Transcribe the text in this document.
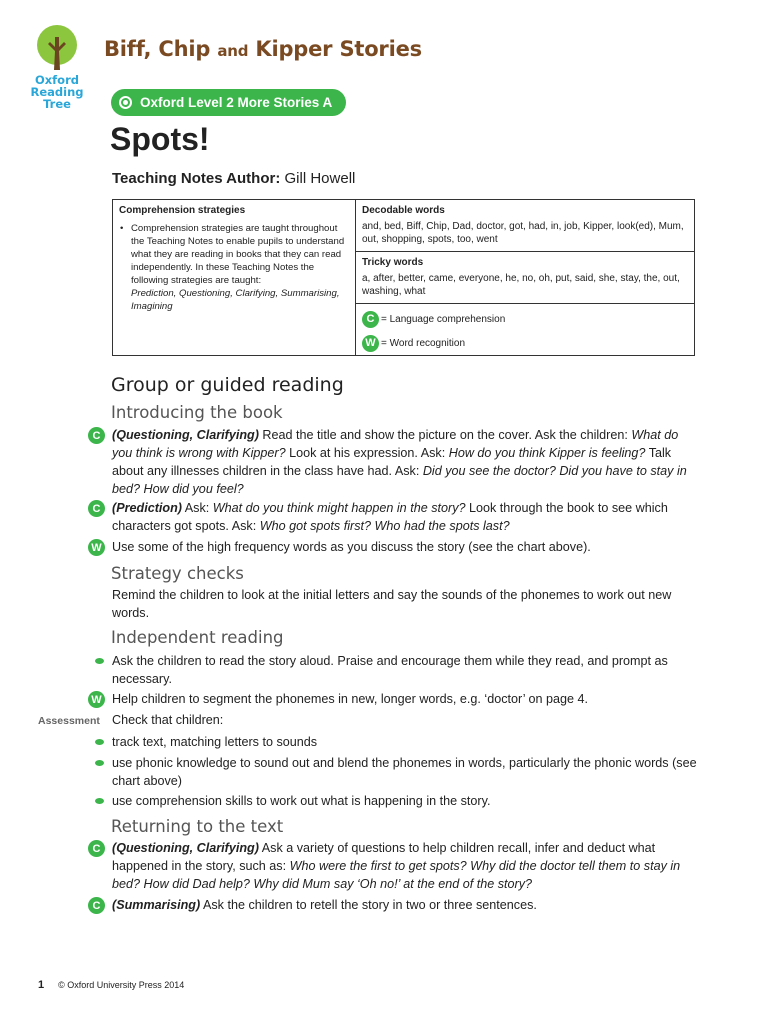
Oxford
Reading
Tree
Biff, Chip and Kipper Stories
Oxford Level 2 More Stories A
Spots!
Teaching Notes Author: Gill Howell
Comprehension strategies
• Comprehension strategies are taught throughout the Teaching Notes to enable pupils to understand what they are reading in books that they can read independently. In these Teaching Notes the following strategies are taught:
Prediction, Questioning, Clarifying, Summarising, Imagining
Decodable words
and, bed, Biff, Chip, Dad, doctor, got, had, in, job, Kipper, look(ed), Mum, out, shopping, spots, too, went
Tricky words
a, after, better, came, everyone, he, no, oh, put, said, she, stay, the, out, washing, what
C = Language comprehension
W = Word recognition
Group or guided reading
Introducing the book
C (Questioning, Clarifying) Read the title and show the picture on the cover. Ask the children: What do you think is wrong with Kipper? Look at his expression. Ask: How do you think Kipper is feeling? Talk about any illnesses children in the class have had. Ask: Did you see the doctor? Did you have to stay in bed? How did you feel?
C (Prediction) Ask: What do you think might happen in the story? Look through the book to see which characters got spots. Ask: Who got spots first? Who had the spots last?
W Use some of the high frequency words as you discuss the story (see the chart above).
Strategy checks
Remind the children to look at the initial letters and say the sounds of the phonemes to work out new words.
Independent reading
Ask the children to read the story aloud. Praise and encourage them while they read, and prompt as necessary.
W Help children to segment the phonemes in new, longer words, e.g. ‘doctor’ on page 4.
Assessment Check that children:
track text, matching letters to sounds
use phonic knowledge to sound out and blend the phonemes in words, particularly the phonic words (see chart above)
use comprehension skills to work out what is happening in the story.
Returning to the text
C (Questioning, Clarifying) Ask a variety of questions to help children recall, infer and deduct what happened in the story, such as: Who were the first to get spots? Why did the doctor tell them to stay in bed? How did Dad help? Why did Mum say ‘Oh no!’ at the end of the story?
C (Summarising) Ask the children to retell the story in two or three sentences.
1 © Oxford University Press 2014
